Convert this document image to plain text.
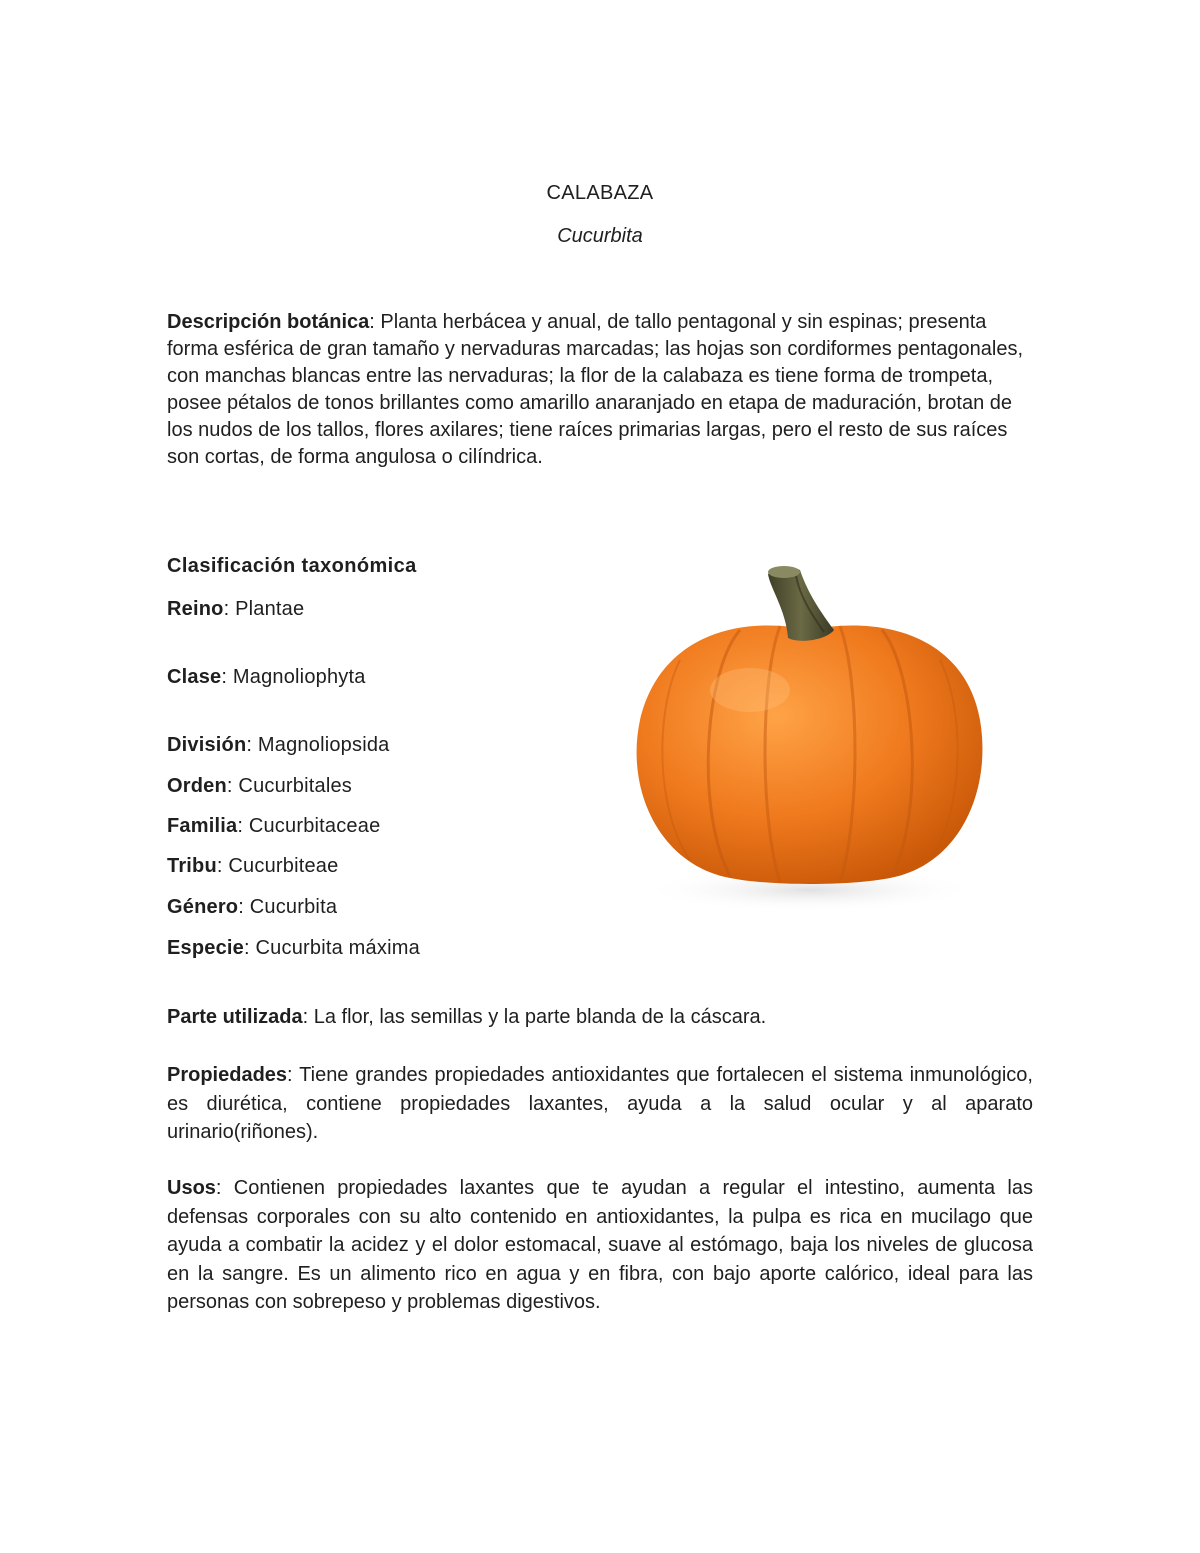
CALABAZA
Cucurbita

Descripción botánica: Planta herbácea y anual, de tallo pentagonal y sin espinas; presenta forma esférica de gran tamaño y nervaduras marcadas; las hojas son cordiformes pentagonales, con manchas blancas entre las nervaduras; la flor de la calabaza es tiene forma de trompeta, posee pétalos de tonos brillantes como amarillo anaranjado en etapa de maduración, brotan de los nudos de los tallos, flores axilares; tiene raíces primarias largas, pero el resto de sus raíces son cortas, de forma angulosa o cilíndrica.

Clasificación taxonómica
Reino: Plantae
Clase: Magnoliophyta
División: Magnoliopsida
Orden: Cucurbitales
Familia: Cucurbitaceae
Tribu: Cucurbiteae
Género: Cucurbita
Especie: Cucurbita máxima

Parte utilizada: La flor, las semillas y la parte blanda de la cáscara.

Propiedades: Tiene grandes propiedades antioxidantes que fortalecen el sistema inmunológico, es diurética, contiene propiedades laxantes, ayuda a la salud ocular y al aparato urinario(riñones).

Usos: Contienen propiedades laxantes que te ayudan a regular el intestino, aumenta las defensas corporales con su alto contenido en antioxidantes, la pulpa es rica en mucilago que ayuda a combatir la acidez y el dolor estomacal, suave al estómago, baja los niveles de glucosa en la sangre. Es un alimento rico en agua y en fibra, con bajo aporte calórico, ideal para las personas con sobrepeso y problemas digestivos.
